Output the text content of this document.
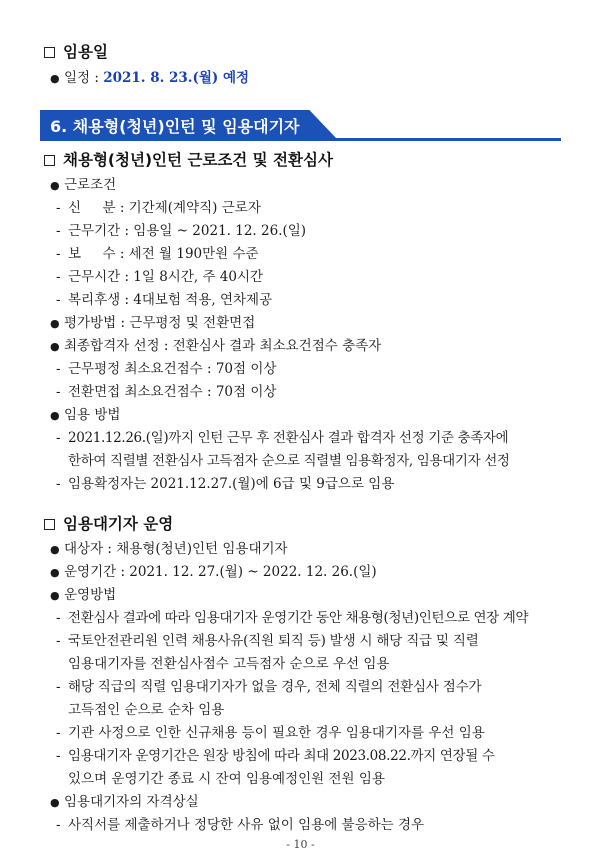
임용일
● 일정 : 2021. 8. 23.(월) 예정
6. 채용형(청년)인턴 및 임용대기자
채용형(청년)인턴 근로조건 및 전환심사
● 근로조건
- 신     분 : 기간제(계약직) 근로자
- 근무기간 : 임용일 ~ 2021. 12. 26.(일)
- 보     수 : 세전 월 190만원 수준
- 근무시간 : 1일 8시간, 주 40시간
- 복리후생 : 4대보험 적용, 연차제공
● 평가방법 : 근무평정 및 전환면접
● 최종합격자 선정 : 전환심사 결과 최소요건점수 충족자
- 근무평정 최소요건점수 : 70점 이상
- 전환면접 최소요건점수 : 70점 이상
● 임용 방법
- 2021.12.26.(일)까지 인턴 근무 후 전환심사 결과 합격자 선정 기준 충족자에
한하여 직렬별 전환심사 고득점자 순으로 직렬별 임용확정자, 임용대기자 선정
- 임용확정자는 2021.12.27.(월)에 6급 및 9급으로 임용
임용대기자 운영
● 대상자 : 채용형(청년)인턴 임용대기자
● 운영기간 : 2021. 12. 27.(월) ~ 2022. 12. 26.(일)
● 운영방법
- 전환심사 결과에 따라 임용대기자 운영기간 동안 채용형(청년)인턴으로 연장 계약
- 국토안전관리원 인력 채용사유(직원 퇴직 등) 발생 시 해당 직급 및 직렬
임용대기자를 전환심사점수 고득점자 순으로 우선 임용
- 해당 직급의 직렬 임용대기자가 없을 경우, 전체 직렬의 전환심사 점수가
고득점인 순으로 순차 임용
- 기관 사정으로 인한 신규채용 등이 필요한 경우 임용대기자를 우선 임용
- 임용대기자 운영기간은 원장 방침에 따라 최대 2023.08.22.까지 연장될 수
있으며 운영기간 종료 시 잔여 임용예정인원 전원 임용
● 임용대기자의 자격상실
- 사직서를 제출하거나 정당한 사유 없이 임용에 불응하는 경우
- 10 -
